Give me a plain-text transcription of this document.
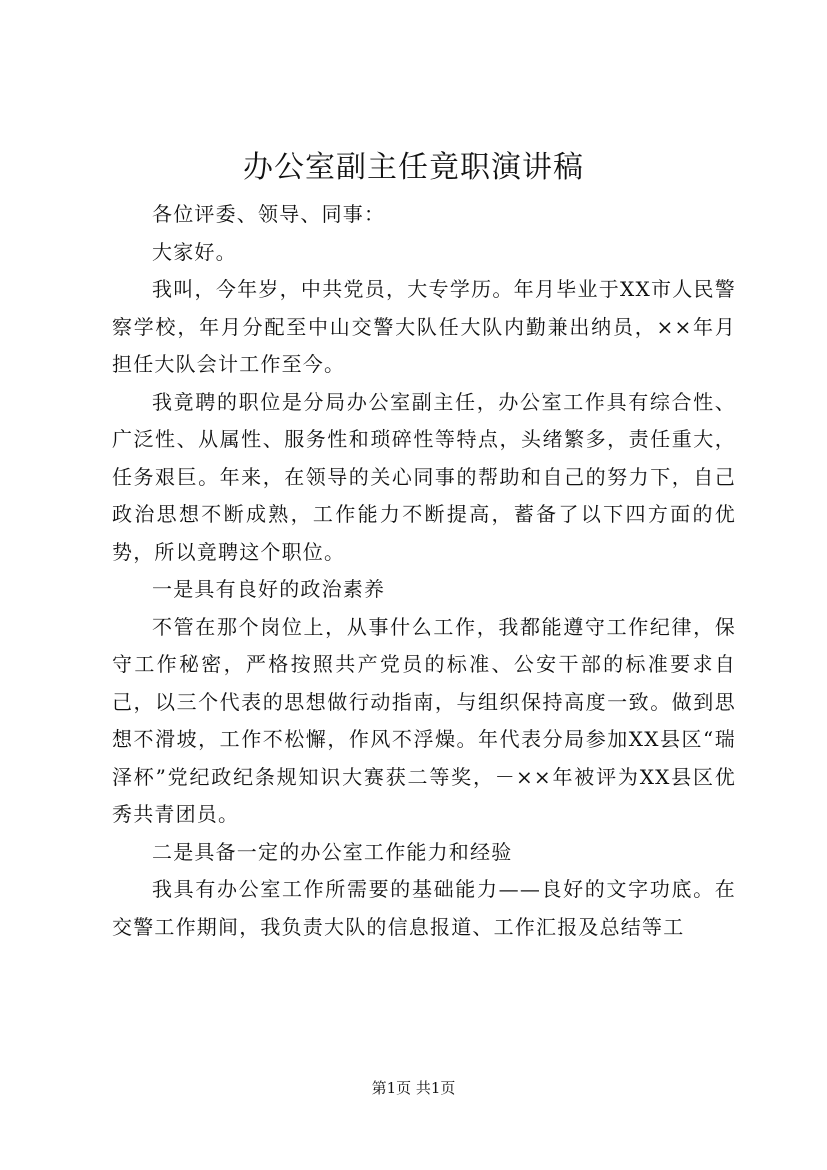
办公室副主任竟职演讲稿

各位评委、领导、同事：

大家好。

我叫，今年岁，中共党员，大专学历。年月毕业于XX市人民警察学校，年月分配至中山交警大队任大队内勤兼出纳员，××年月担任大队会计工作至今。

我竟聘的职位是分局办公室副主任，办公室工作具有综合性、广泛性、从属性、服务性和琐碎性等特点，头绪繁多，责任重大，任务艰巨。年来，在领导的关心同事的帮助和自己的努力下，自己政治思想不断成熟，工作能力不断提高，蓄备了以下四方面的优势，所以竟聘这个职位。

一是具有良好的政治素养

不管在那个岗位上，从事什么工作，我都能遵守工作纪律，保守工作秘密，严格按照共产党员的标准、公安干部的标准要求自己，以三个代表的思想做行动指南，与组织保持高度一致。做到思想不滑坡，工作不松懈，作风不浮燥。年代表分局参加XX县区“瑞泽杯”党纪政纪条规知识大赛获二等奖，－××年被评为XX县区优秀共青团员。

二是具备一定的办公室工作能力和经验

我具有办公室工作所需要的基础能力——良好的文字功底。在交警工作期间，我负责大队的信息报道、工作汇报及总结等工

第1页 共1页
